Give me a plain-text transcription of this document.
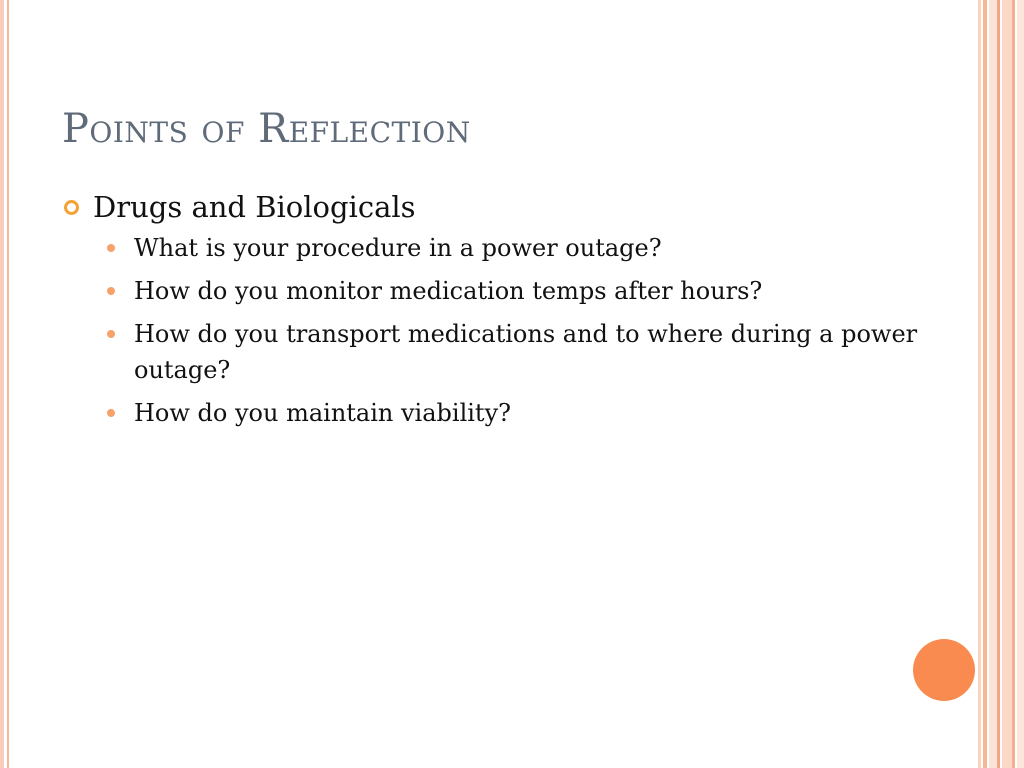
Points of Reflection
Drugs and Biologicals
What is your procedure in a power outage?
How do you monitor medication temps after hours?
How do you transport medications and to where during a power outage?
How do you maintain viability?
